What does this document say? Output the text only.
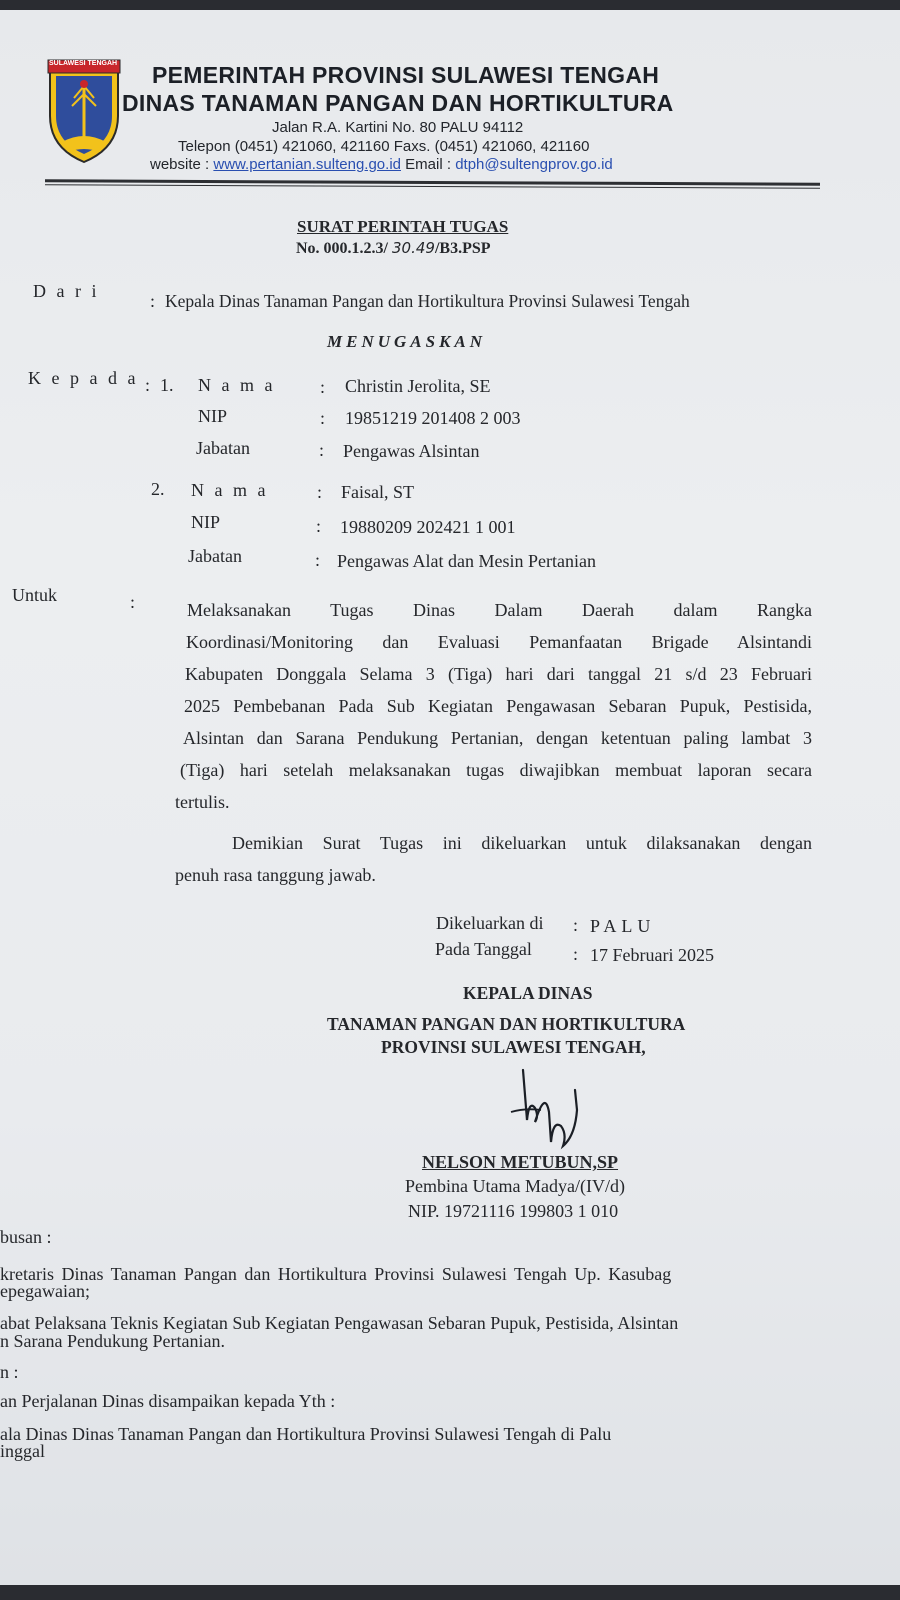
SULAWESI TENGAH PEMERINTAH PROVINSI SULAWESI TENGAH
DINAS TANAMAN PANGAN DAN HORTIKULTURA
Jalan R.A. Kartini No. 80 PALU 94112
Telepon (0451) 421060, 421160 Faxs. (0451) 421060, 421160
website : www.pertanian.sulteng.go.id Email : dtph@sultengprov.go.id
SURAT PERINTAH TUGAS
No. 000.1.2.3/ 30.49/B3.PSP
D a r i	: Kepala Dinas Tanaman Pangan dan Hortikultura Provinsi Sulawesi Tengah
MENUGASKAN
K e p a d a : 1. N a m a : Christin Jerolita, SE
NIP	: 19851219 201408 2 003
Jabatan	: Pengawas Alsintan
2. N a m a	: Faisal, ST
NIP	: 19880209 202421 1 001
Jabatan	: Pengawas Alat dan Mesin Pertanian
Untuk	:	Melaksanakan Tugas Dinas Dalam Daerah dalam Rangka
Koordinasi/Monitoring dan Evaluasi Pemanfaatan Brigade Alsintandi
Kabupaten Donggala Selama 3 (Tiga) hari dari tanggal 21 s/d 23 Februari
2025 Pembebanan Pada Sub Kegiatan Pengawasan Sebaran Pupuk, Pestisida,
Alsintan dan Sarana Pendukung Pertanian, dengan ketentuan paling lambat 3
(Tiga) hari setelah melaksanakan tugas diwajibkan membuat laporan secara
tertulis.
Demikian Surat Tugas ini dikeluarkan untuk dilaksanakan dengan
penuh rasa tanggung jawab.
Dikeluarkan di : PALU
Pada Tanggal : 17 Februari 2025
KEPALA DINAS
TANAMAN PANGAN DAN HORTIKULTURA
PROVINSI SULAWESI TENGAH,
NELSON METUBUN,SP
Pembina Utama Madya/(IV/d)
NIP. 19721116 199803 1 010
busan :
kretaris Dinas Tanaman Pangan dan Hortikultura Provinsi Sulawesi Tengah Up. Kasubag
epegawaian;
abat Pelaksana Teknis Kegiatan Sub Kegiatan Pengawasan Sebaran Pupuk, Pestisida, Alsintan
n Sarana Pendukung Pertanian.
n :
an Perjalanan Dinas disampaikan kepada Yth :
ala Dinas Dinas Tanaman Pangan dan Hortikultura Provinsi Sulawesi Tengah di Palu
inggal
